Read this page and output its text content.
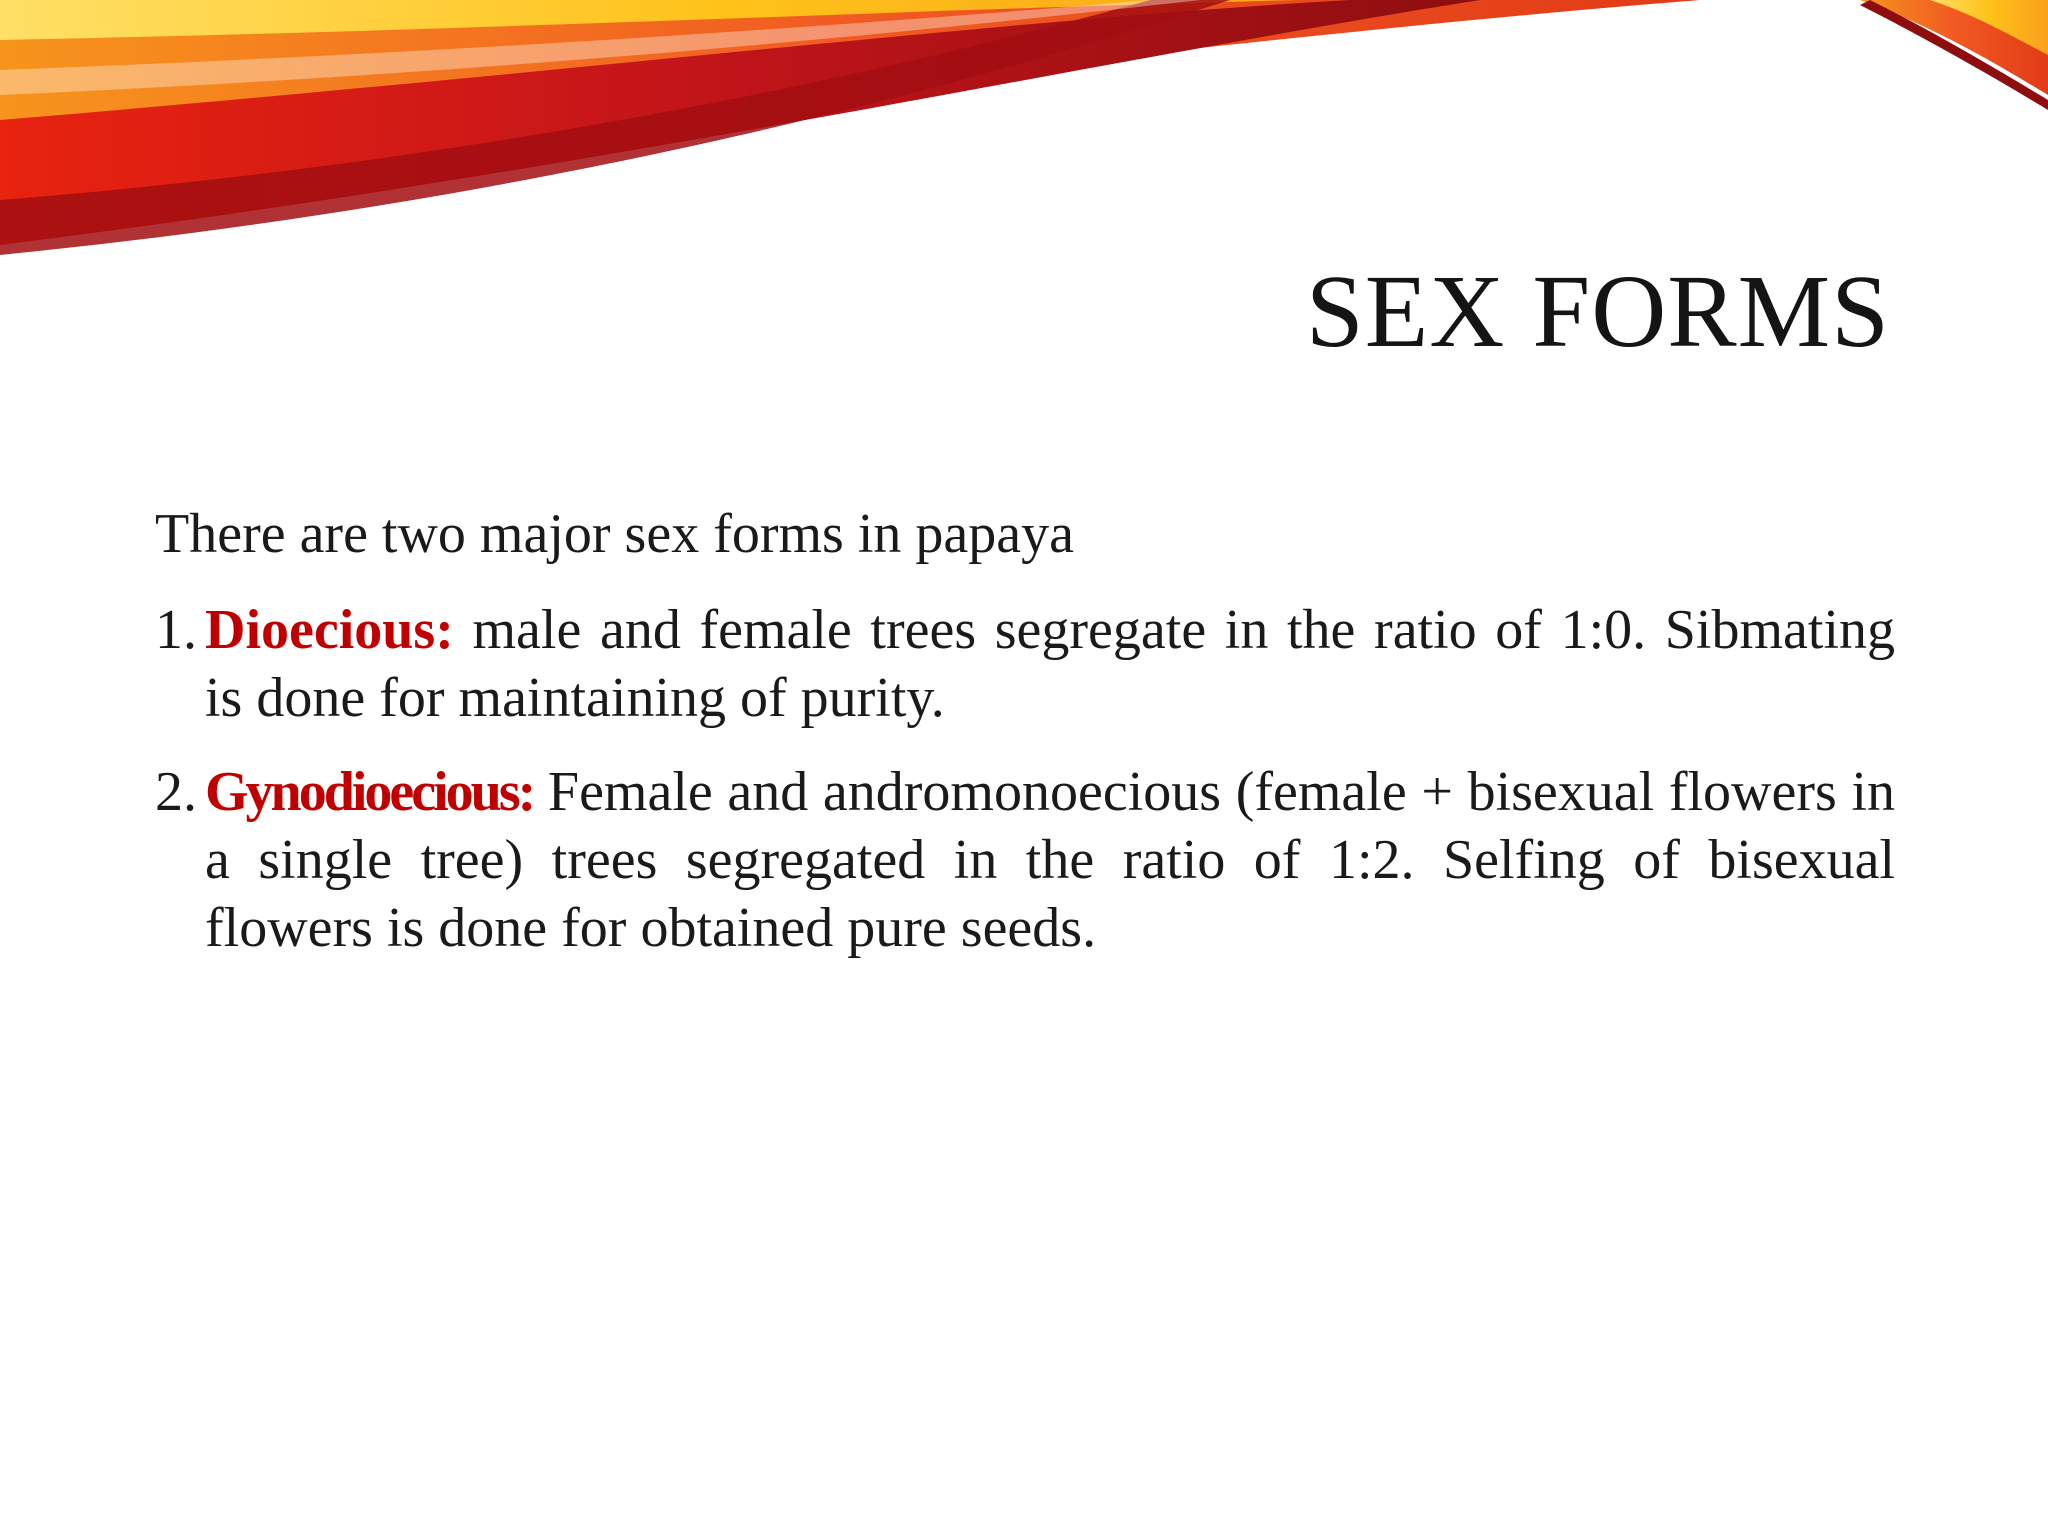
SEX FORMS

There are two major sex forms in papaya

1. Dioecious: male and female trees segregate in the ratio of 1:0. Sibmating is done for maintaining of purity.

2. Gynodioecious: Female and andromonoecious (female + bisexual flowers in a single tree) trees segregated in the ratio of 1:2. Selfing of bisexual flowers is done for obtained pure seeds.
